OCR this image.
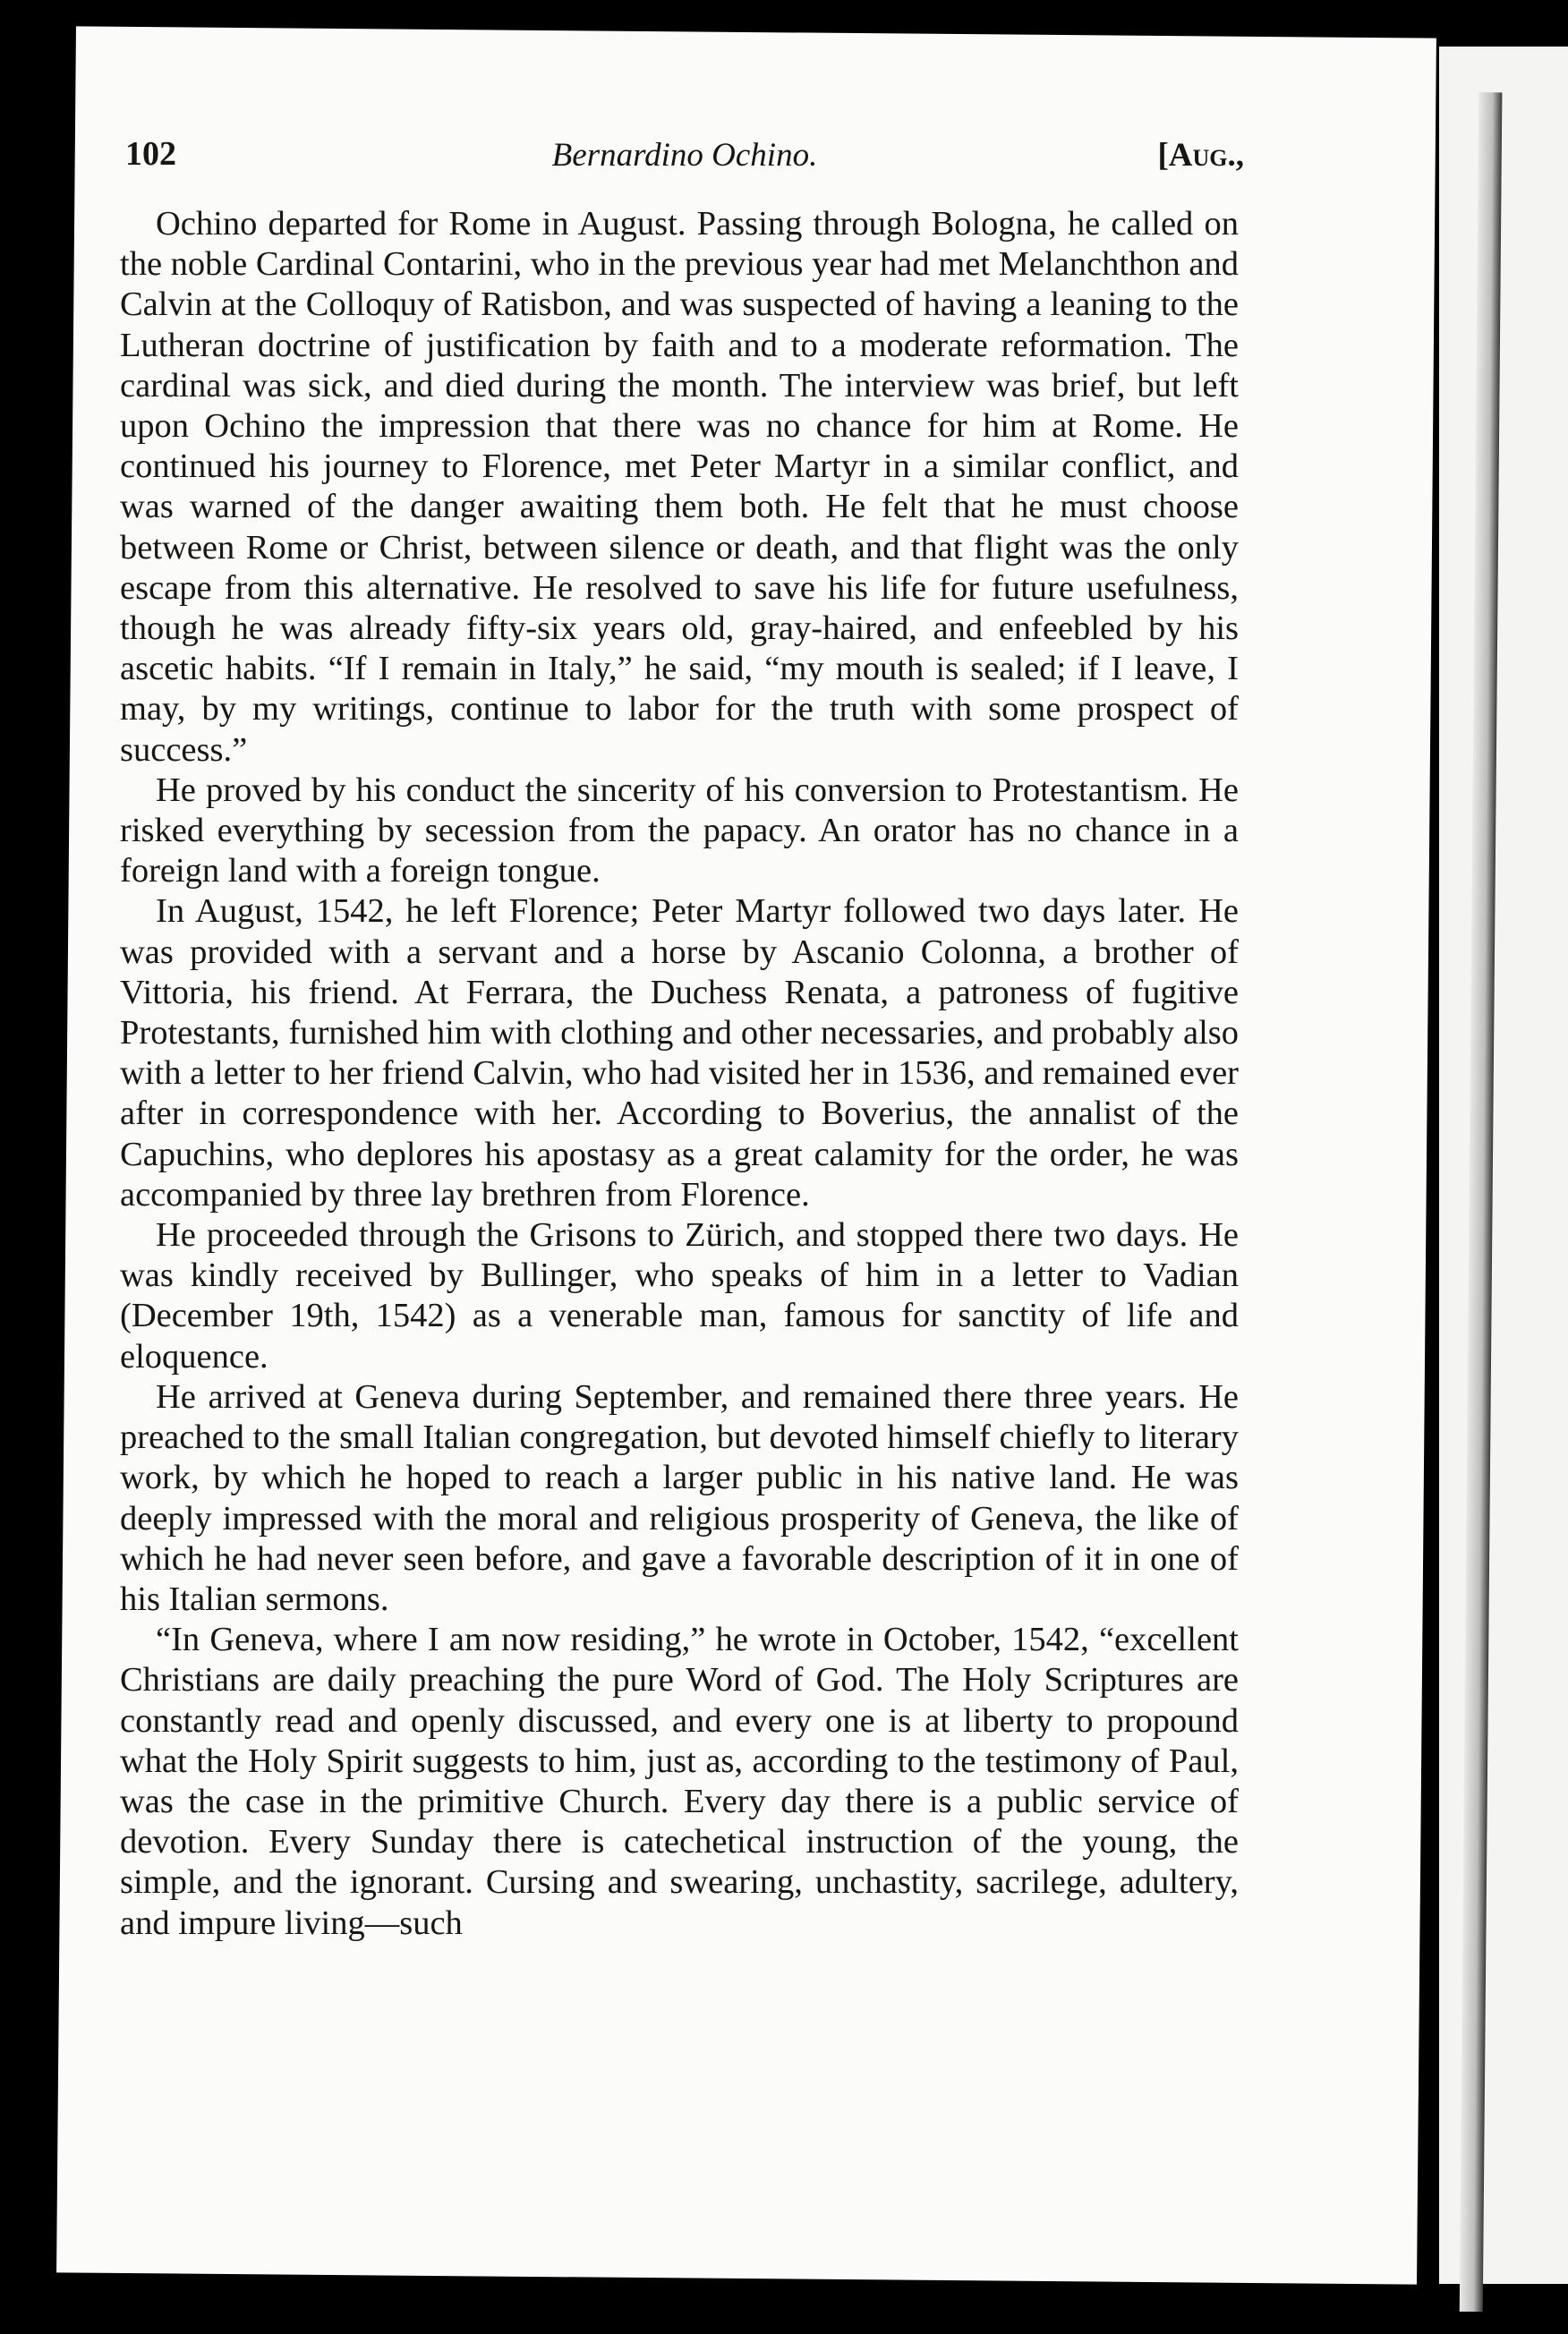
102	Bernardino Ochino.	[Aug.,

Ochino departed for Rome in August. Passing through Bologna, he called on the noble Cardinal Contarini, who in the previous year had met Melanchthon and Calvin at the Colloquy of Ratisbon, and was suspected of having a leaning to the Lutheran doctrine of justification by faith and to a moderate reformation. The cardinal was sick, and died during the month. The interview was brief, but left upon Ochino the impression that there was no chance for him at Rome. He continued his journey to Florence, met Peter Martyr in a similar conflict, and was warned of the danger awaiting them both. He felt that he must choose between Rome or Christ, between silence or death, and that flight was the only escape from this alternative. He resolved to save his life for future usefulness, though he was already fifty-six years old, gray-haired, and enfeebled by his ascetic habits. “If I remain in Italy,” he said, “my mouth is sealed; if I leave, I may, by my writings, continue to labor for the truth with some prospect of success.”

He proved by his conduct the sincerity of his conversion to Protestantism. He risked everything by secession from the papacy. An orator has no chance in a foreign land with a foreign tongue.

In August, 1542, he left Florence; Peter Martyr followed two days later. He was provided with a servant and a horse by Ascanio Colonna, a brother of Vittoria, his friend. At Ferrara, the Duchess Renata, a patroness of fugitive Protestants, furnished him with clothing and other necessaries, and probably also with a letter to her friend Calvin, who had visited her in 1536, and remained ever after in correspondence with her. According to Boverius, the annalist of the Capuchins, who deplores his apostasy as a great calamity for the order, he was accompanied by three lay brethren from Florence.

He proceeded through the Grisons to Zürich, and stopped there two days. He was kindly received by Bullinger, who speaks of him in a letter to Vadian (December 19th, 1542) as a venerable man, famous for sanctity of life and eloquence.

He arrived at Geneva during September, and remained there three years. He preached to the small Italian congregation, but devoted himself chiefly to literary work, by which he hoped to reach a larger public in his native land. He was deeply impressed with the moral and religious prosperity of Geneva, the like of which he had never seen before, and gave a favorable description of it in one of his Italian sermons.

“In Geneva, where I am now residing,” he wrote in October, 1542, “excellent Christians are daily preaching the pure Word of God. The Holy Scriptures are constantly read and openly discussed, and every one is at liberty to propound what the Holy Spirit suggests to him, just as, according to the testimony of Paul, was the case in the primitive Church. Every day there is a public service of devotion. Every Sunday there is catechetical instruction of the young, the simple, and the ignorant. Cursing and swearing, unchastity, sacrilege, adultery, and impure living—such
